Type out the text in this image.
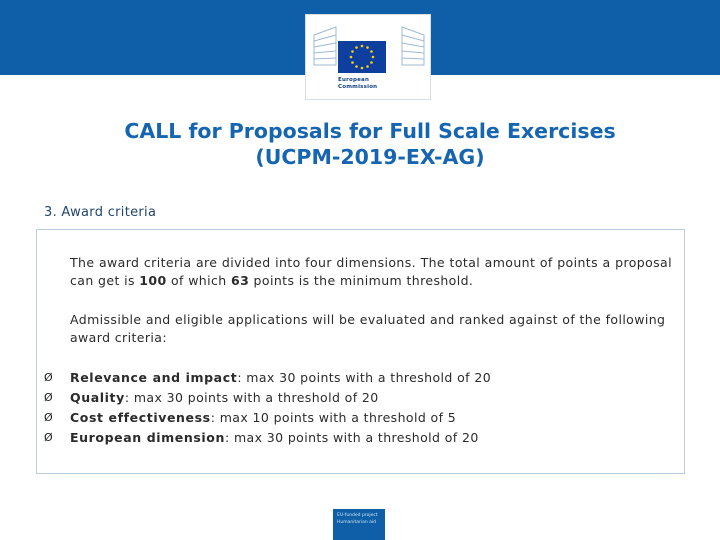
European
Commission
CALL for Proposals for Full Scale Exercises
(UCPM-2019-EX-AG)
3. Award criteria
The award criteria are divided into four dimensions. The total amount of points a proposal can get is 100 of which 63 points is the minimum threshold.
Admissible and eligible applications will be evaluated and ranked against of the following award criteria:
Ø	Relevance and impact: max 30 points with a threshold of 20
Ø	Quality: max 30 points with a threshold of 20
Ø	Cost effectiveness: max 10 points with a threshold of 5
Ø	European dimension: max 30 points with a threshold of 20
EU-funded project
Humanitarian aid
